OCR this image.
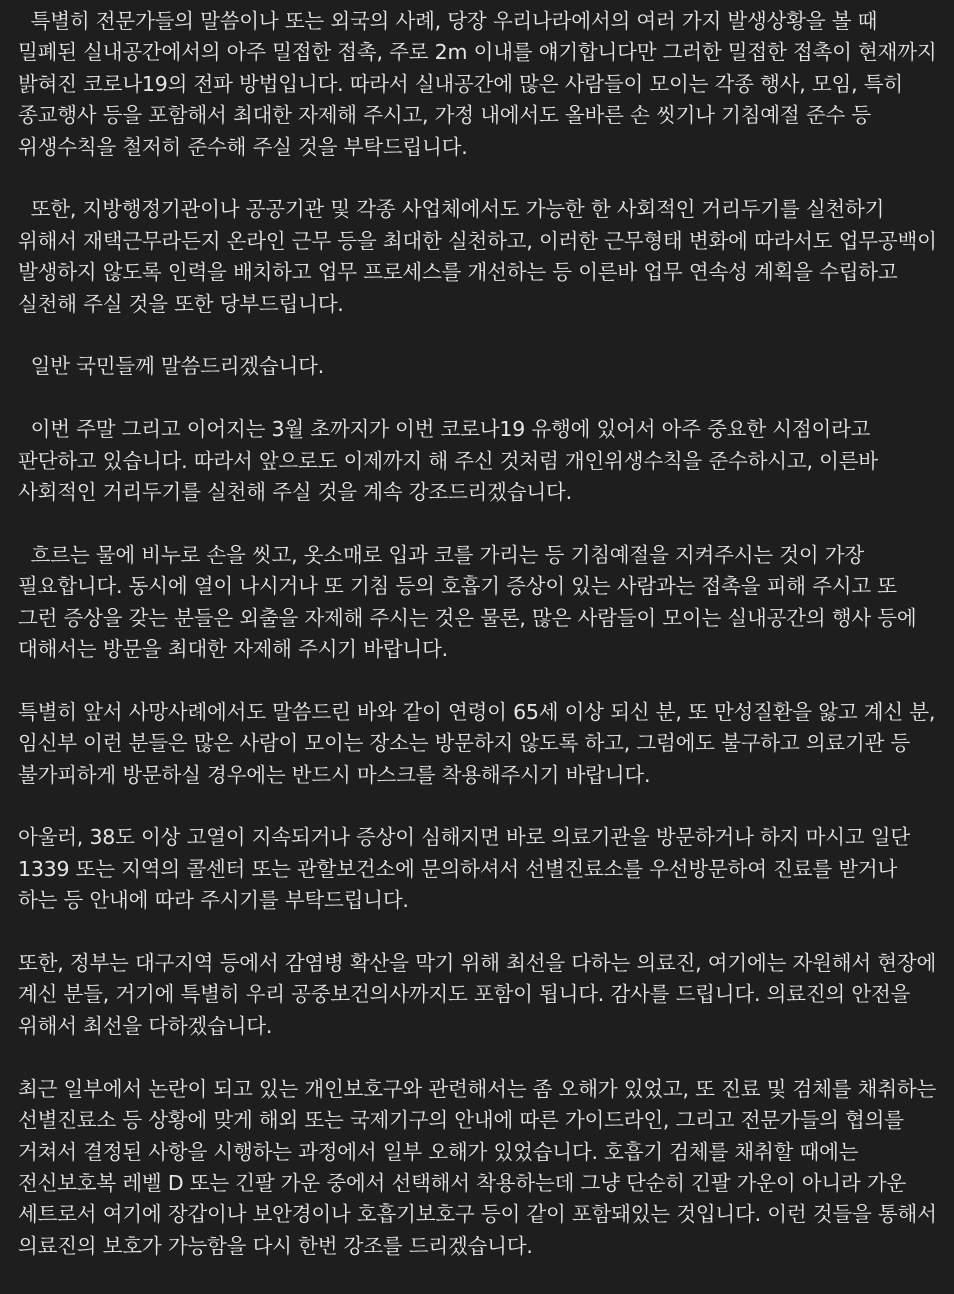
특별히 전문가들의 말씀이나 또는 외국의 사례, 당장 우리나라에서의 여러 가지 발생상황을 볼 때 밀폐된 실내공간에서의 아주 밀접한 접촉, 주로 2m 이내를 얘기합니다만 그러한 밀접한 접촉이 현재까지 밝혀진 코로나19의 전파 방법입니다. 따라서 실내공간에 많은 사람들이 모이는 각종 행사, 모임, 특히 종교행사 등을 포함해서 최대한 자제해 주시고, 가정 내에서도 올바른 손 씻기나 기침예절 준수 등 위생수칙을 철저히 준수해 주실 것을 부탁드립니다.

또한, 지방행정기관이나 공공기관 및 각종 사업체에서도 가능한 한 사회적인 거리두기를 실천하기 위해서 재택근무라든지 온라인 근무 등을 최대한 실천하고, 이러한 근무형태 변화에 따라서도 업무공백이 발생하지 않도록 인력을 배치하고 업무 프로세스를 개선하는 등 이른바 업무 연속성 계획을 수립하고 실천해 주실 것을 또한 당부드립니다.

일반 국민들께 말씀드리겠습니다.

이번 주말 그리고 이어지는 3월 초까지가 이번 코로나19 유행에 있어서 아주 중요한 시점이라고 판단하고 있습니다. 따라서 앞으로도 이제까지 해 주신 것처럼 개인위생수칙을 준수하시고, 이른바 사회적인 거리두기를 실천해 주실 것을 계속 강조드리겠습니다.

흐르는 물에 비누로 손을 씻고, 옷소매로 입과 코를 가리는 등 기침예절을 지켜주시는 것이 가장 필요합니다. 동시에 열이 나시거나 또 기침 등의 호흡기 증상이 있는 사람과는 접촉을 피해 주시고 또 그런 증상을 갖는 분들은 외출을 자제해 주시는 것은 물론, 많은 사람들이 모이는 실내공간의 행사 등에 대해서는 방문을 최대한 자제해 주시기 바랍니다.

특별히 앞서 사망사례에서도 말씀드린 바와 같이 연령이 65세 이상 되신 분, 또 만성질환을 앓고 계신 분, 임신부 이런 분들은 많은 사람이 모이는 장소는 방문하지 않도록 하고, 그럼에도 불구하고 의료기관 등 불가피하게 방문하실 경우에는 반드시 마스크를 착용해주시기 바랍니다.

아울러, 38도 이상 고열이 지속되거나 증상이 심해지면 바로 의료기관을 방문하거나 하지 마시고 일단 1339 또는 지역의 콜센터 또는 관할보건소에 문의하셔서 선별진료소를 우선방문하여 진료를 받거나 하는 등 안내에 따라 주시기를 부탁드립니다.

또한, 정부는 대구지역 등에서 감염병 확산을 막기 위해 최선을 다하는 의료진, 여기에는 자원해서 현장에 계신 분들, 거기에 특별히 우리 공중보건의사까지도 포함이 됩니다. 감사를 드립니다. 의료진의 안전을 위해서 최선을 다하겠습니다.

최근 일부에서 논란이 되고 있는 개인보호구와 관련해서는 좀 오해가 있었고, 또 진료 및 검체를 채취하는 선별진료소 등 상황에 맞게 해외 또는 국제기구의 안내에 따른 가이드라인, 그리고 전문가들의 협의를 거쳐서 결정된 사항을 시행하는 과정에서 일부 오해가 있었습니다. 호흡기 검체를 채취할 때에는 전신보호복 레벨 D 또는 긴팔 가운 중에서 선택해서 착용하는데 그냥 단순히 긴팔 가운이 아니라 가운 세트로서 여기에 장갑이나 보안경이나 호흡기보호구 등이 같이 포함돼있는 것입니다. 이런 것들을 통해서 의료진의 보호가 가능함을 다시 한번 강조를 드리겠습니다.
